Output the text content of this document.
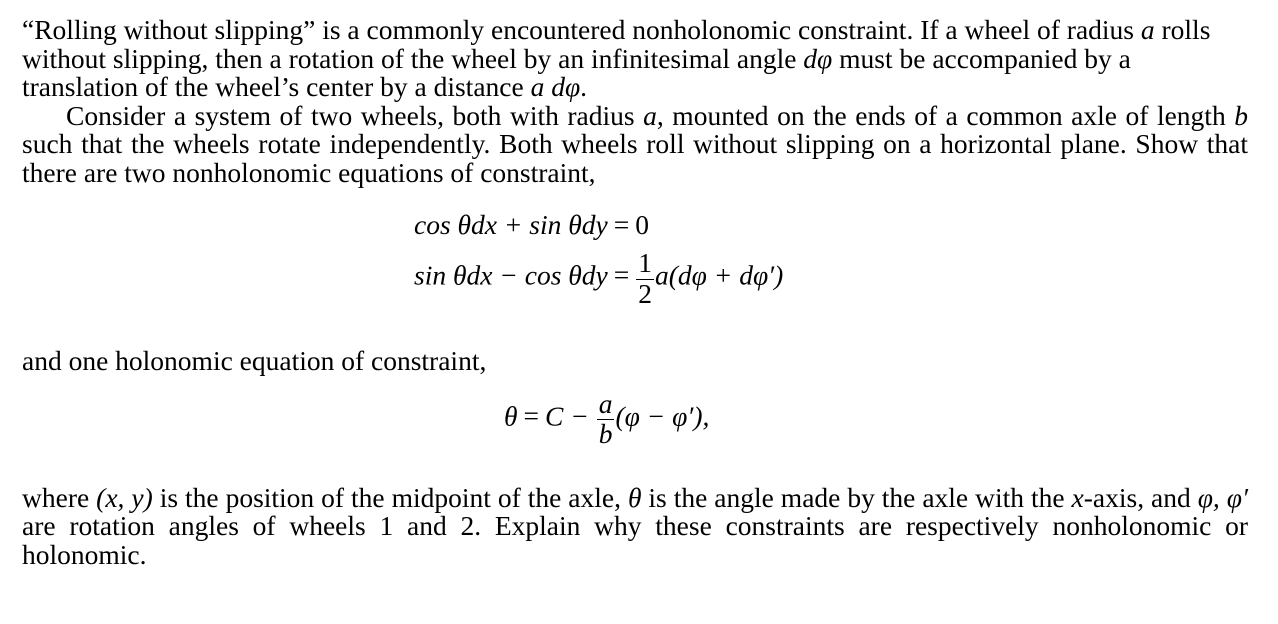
“Rolling without slipping” is a commonly encountered nonholonomic constraint. If a wheel of radius a rolls without slipping, then a rotation of the wheel by an infinitesimal angle dφ must be accompanied by a translation of the wheel’s center by a distance a dφ.

Consider a system of two wheels, both with radius a, mounted on the ends of a common axle of length b such that the wheels rotate independently. Both wheels roll without slipping on a horizontal plane. Show that there are two nonholonomic equations of constraint,

cos θdx + sin θdy = 0
$\sin \theta dx - \cos \theta dy = \frac{1}{2} a(d\varphi + d\varphi')$

and one holonomic equation of constraint,

$\theta = C - \frac{a}{b} (\varphi - \varphi')$,

where (x, y) is the position of the midpoint of the axle, θ is the angle made by the axle with the x-axis, and φ, φ′ are rotation angles of wheels 1 and 2. Explain why these constraints are respectively nonholonomic or holonomic.
